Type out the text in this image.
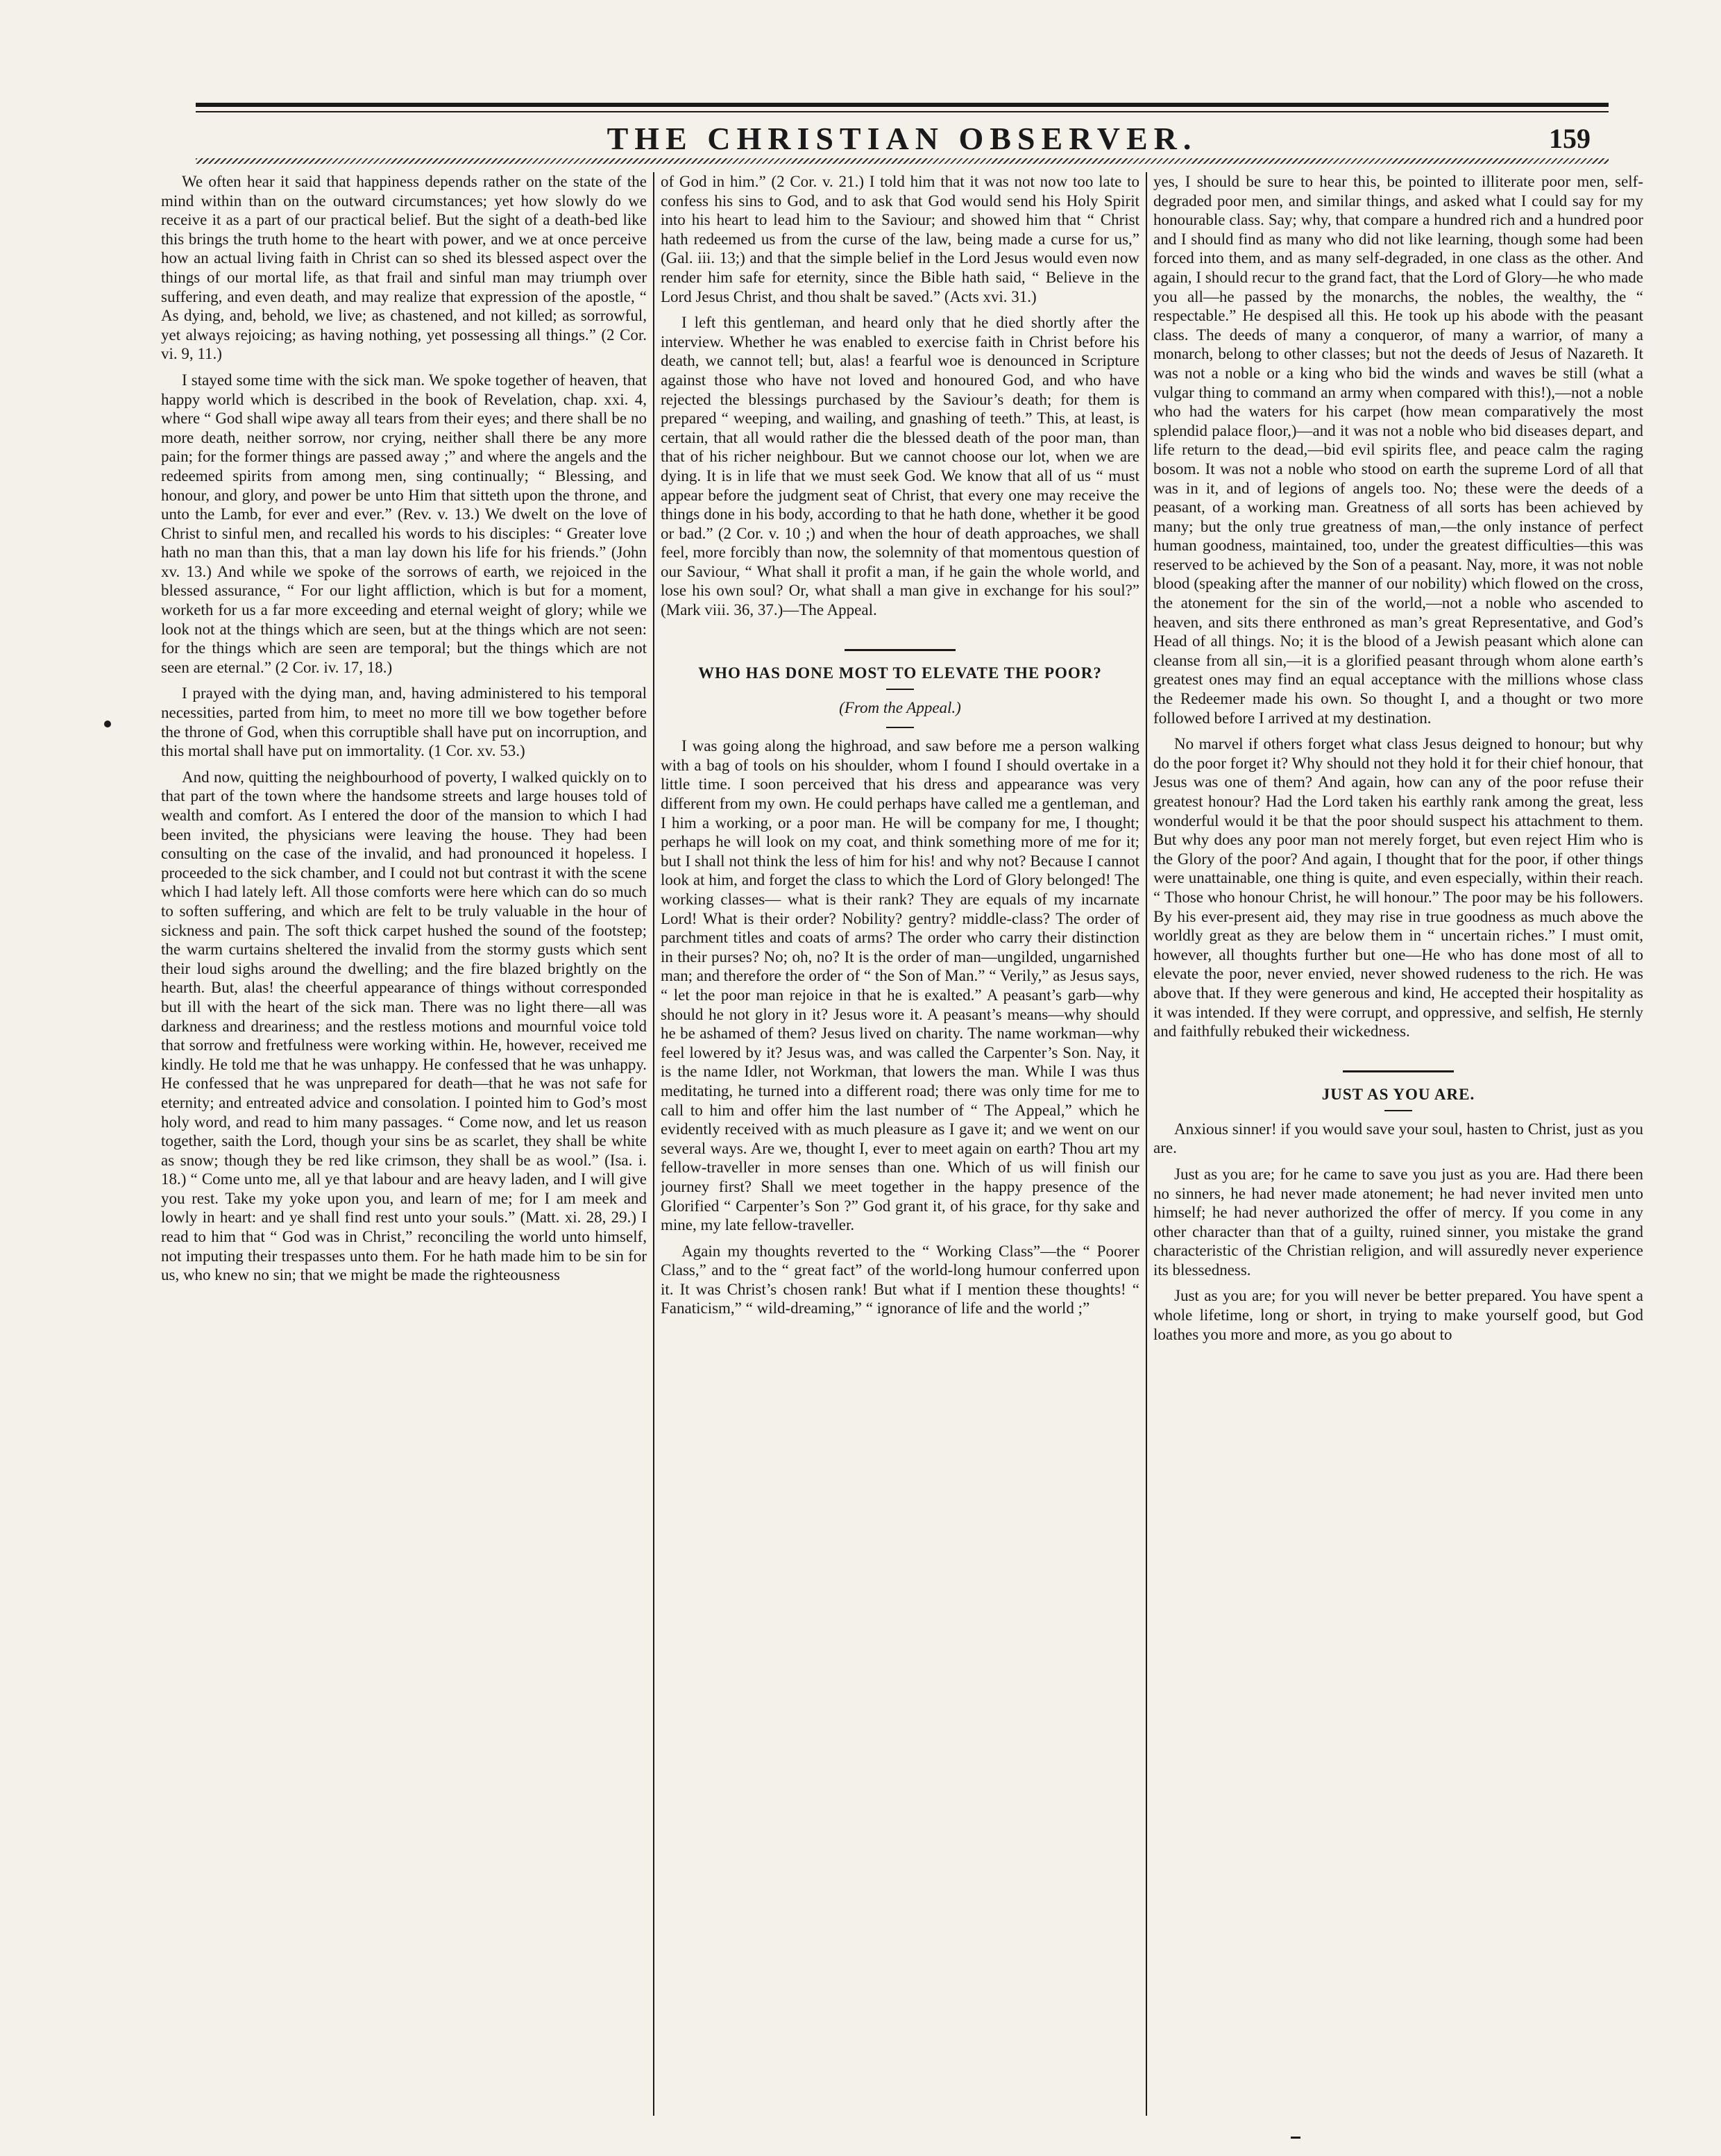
THE CHRISTIAN OBSERVER.	159

We often hear it said that happiness depends rather on the state of the mind within than on the outward circumstances; yet how slowly do we receive it as a part of our practical belief. But the sight of a death-bed like this brings the truth home to the heart with power, and we at once perceive how an actual living faith in Christ can so shed its blessed aspect over the things of our mortal life, as that frail and sinful man may triumph over suffering, and even death, and may realize that expression of the apostle, “ As dying, and, behold, we live; as chastened, and not killed; as sorrowful, yet always rejoicing; as having nothing, yet possessing all things.” (2 Cor. vi. 9, 11.)

I stayed some time with the sick man. We spoke together of heaven, that happy world which is described in the book of Revelation, chap. xxi. 4, where “ God shall wipe away all tears from their eyes; and there shall be no more death, neither sorrow, nor crying, neither shall there be any more pain; for the former things are passed away ;” and where the angels and the redeemed spirits from among men, sing continually; “ Blessing, and honour, and glory, and power be unto Him that sitteth upon the throne, and unto the Lamb, for ever and ever.” (Rev. v. 13.) We dwelt on the love of Christ to sinful men, and recalled his words to his disciples: “ Greater love hath no man than this, that a man lay down his life for his friends.” (John xv. 13.) And while we spoke of the sorrows of earth, we rejoiced in the blessed assurance, “ For our light affliction, which is but for a moment, worketh for us a far more exceeding and eternal weight of glory; while we look not at the things which are seen, but at the things which are not seen: for the things which are seen are temporal; but the things which are not seen are eternal.” (2 Cor. iv. 17, 18.)

I prayed with the dying man, and, having administered to his temporal necessities, parted from him, to meet no more till we bow together before the throne of God, when this corruptible shall have put on incorruption, and this mortal shall have put on immortality. (1 Cor. xv. 53.)

And now, quitting the neighbourhood of poverty, I walked quickly on to that part of the town where the handsome streets and large houses told of wealth and comfort. As I entered the door of the mansion to which I had been invited, the physicians were leaving the house. They had been consulting on the case of the invalid, and had pronounced it hopeless. I proceeded to the sick chamber, and I could not but contrast it with the scene which I had lately left. All those comforts were here which can do so much to soften suffering, and which are felt to be truly valuable in the hour of sickness and pain. The soft thick carpet hushed the sound of the footstep; the warm curtains sheltered the invalid from the stormy gusts which sent their loud sighs around the dwelling; and the fire blazed brightly on the hearth. But, alas! the cheerful appearance of things without corresponded but ill with the heart of the sick man. There was no light there—all was darkness and dreariness; and the restless motions and mournful voice told that sorrow and fretfulness were working within. He, however, received me kindly. He told me that he was unhappy. He confessed that he was unhappy. He confessed that he was unprepared for death—that he was not safe for eternity; and entreated advice and consolation. I pointed him to God’s most holy word, and read to him many passages. “ Come now, and let us reason together, saith the Lord, though your sins be as scarlet, they shall be white as snow; though they be red like crimson, they shall be as wool.” (Isa. i. 18.) “ Come unto me, all ye that labour and are heavy laden, and I will give you rest. Take my yoke upon you, and learn of me; for I am meek and lowly in heart: and ye shall find rest unto your souls.” (Matt. xi. 28, 29.) I read to him that “ God was in Christ,” reconciling the world unto himself, not imputing their trespasses unto them. For he hath made him to be sin for us, who knew no sin; that we might be made the righteousness

of God in him.” (2 Cor. v. 21.) I told him that it was not now too late to confess his sins to God, and to ask that God would send his Holy Spirit into his heart to lead him to the Saviour; and showed him that “ Christ hath redeemed us from the curse of the law, being made a curse for us,” (Gal. iii. 13;) and that the simple belief in the Lord Jesus would even now render him safe for eternity, since the Bible hath said, “ Believe in the Lord Jesus Christ, and thou shalt be saved.” (Acts xvi. 31.)

I left this gentleman, and heard only that he died shortly after the interview. Whether he was enabled to exercise faith in Christ before his death, we cannot tell; but, alas! a fearful woe is denounced in Scripture against those who have not loved and honoured God, and who have rejected the blessings purchased by the Saviour’s death; for them is prepared “ weeping, and wailing, and gnashing of teeth.” This, at least, is certain, that all would rather die the blessed death of the poor man, than that of his richer neighbour. But we cannot choose our lot, when we are dying. It is in life that we must seek God. We know that all of us “ must appear before the judgment seat of Christ, that every one may receive the things done in his body, according to that he hath done, whether it be good or bad.” (2 Cor. v. 10 ;) and when the hour of death approaches, we shall feel, more forcibly than now, the solemnity of that momentous question of our Saviour, “ What shall it profit a man, if he gain the whole world, and lose his own soul? Or, what shall a man give in exchange for his soul?” (Mark viii. 36, 37.)—The Appeal.

WHO HAS DONE MOST TO ELEVATE THE POOR?
(From the Appeal.)

I was going along the highroad, and saw before me a person walking with a bag of tools on his shoulder, whom I found I should overtake in a little time. I soon perceived that his dress and appearance was very different from my own. He could perhaps have called me a gentleman, and I him a working, or a poor man. He will be company for me, I thought; perhaps he will look on my coat, and think something more of me for it; but I shall not think the less of him for his! and why not? Because I cannot look at him, and forget the class to which the Lord of Glory belonged! The working classes— what is their rank? They are equals of my incarnate Lord! What is their order? Nobility? gentry? middle-class? The order of parchment titles and coats of arms? The order who carry their distinction in their purses? No; oh, no? It is the order of man—ungilded, ungarnished man; and therefore the order of “ the Son of Man.” “ Verily,” as Jesus says, “ let the poor man rejoice in that he is exalted.” A peasant’s garb—why should he not glory in it? Jesus wore it. A peasant’s means—why should he be ashamed of them? Jesus lived on charity. The name workman—why feel lowered by it? Jesus was, and was called the Carpenter’s Son. Nay, it is the name Idler, not Workman, that lowers the man. While I was thus meditating, he turned into a different road; there was only time for me to call to him and offer him the last number of “ The Appeal,” which he evidently received with as much pleasure as I gave it; and we went on our several ways. Are we, thought I, ever to meet again on earth? Thou art my fellow-traveller in more senses than one. Which of us will finish our journey first? Shall we meet together in the happy presence of the Glorified “ Carpenter’s Son ?” God grant it, of his grace, for thy sake and mine, my late fellow-traveller.

Again my thoughts reverted to the “ Working Class”—the “ Poorer Class,” and to the “ great fact” of the world-long humour conferred upon it. It was Christ’s chosen rank! But what if I mention these thoughts! “ Fanaticism,” “ wild-dreaming,” “ ignorance of life and the world ;”

yes, I should be sure to hear this, be pointed to illiterate poor men, self-degraded poor men, and similar things, and asked what I could say for my honourable class. Say; why, that compare a hundred rich and a hundred poor and I should find as many who did not like learning, though some had been forced into them, and as many self-degraded, in one class as the other. And again, I should recur to the grand fact, that the Lord of Glory—he who made you all—he passed by the monarchs, the nobles, the wealthy, the “ respectable.” He despised all this. He took up his abode with the peasant class. The deeds of many a conqueror, of many a warrior, of many a monarch, belong to other classes; but not the deeds of Jesus of Nazareth. It was not a noble or a king who bid the winds and waves be still (what a vulgar thing to command an army when compared with this!),—not a noble who had the waters for his carpet (how mean comparatively the most splendid palace floor,)—and it was not a noble who bid diseases depart, and life return to the dead,—bid evil spirits flee, and peace calm the raging bosom. It was not a noble who stood on earth the supreme Lord of all that was in it, and of legions of angels too. No; these were the deeds of a peasant, of a working man. Greatness of all sorts has been achieved by many; but the only true greatness of man,—the only instance of perfect human goodness, maintained, too, under the greatest difficulties—this was reserved to be achieved by the Son of a peasant. Nay, more, it was not noble blood (speaking after the manner of our nobility) which flowed on the cross, the atonement for the sin of the world,—not a noble who ascended to heaven, and sits there enthroned as man’s great Representative, and God’s Head of all things. No; it is the blood of a Jewish peasant which alone can cleanse from all sin,—it is a glorified peasant through whom alone earth’s greatest ones may find an equal acceptance with the millions whose class the Redeemer made his own. So thought I, and a thought or two more followed before I arrived at my destination.

No marvel if others forget what class Jesus deigned to honour; but why do the poor forget it? Why should not they hold it for their chief honour, that Jesus was one of them? And again, how can any of the poor refuse their greatest honour? Had the Lord taken his earthly rank among the great, less wonderful would it be that the poor should suspect his attachment to them. But why does any poor man not merely forget, but even reject Him who is the Glory of the poor? And again, I thought that for the poor, if other things were unattainable, one thing is quite, and even especially, within their reach. “ Those who honour Christ, he will honour.” The poor may be his followers. By his ever-present aid, they may rise in true goodness as much above the worldly great as they are below them in “ uncertain riches.” I must omit, however, all thoughts further but one—He who has done most of all to elevate the poor, never envied, never showed rudeness to the rich. He was above that. If they were generous and kind, He accepted their hospitality as it was intended. If they were corrupt, and oppressive, and selfish, He sternly and faithfully rebuked their wickedness.

JUST AS YOU ARE.

Anxious sinner! if you would save your soul, hasten to Christ, just as you are.

Just as you are; for he came to save you just as you are. Had there been no sinners, he had never made atonement; he had never invited men unto himself; he had never authorized the offer of mercy. If you come in any other character than that of a guilty, ruined sinner, you mistake the grand characteristic of the Christian religion, and will assuredly never experience its blessedness.

Just as you are; for you will never be better prepared. You have spent a whole lifetime, long or short, in trying to make yourself good, but God loathes you more and more, as you go about to
